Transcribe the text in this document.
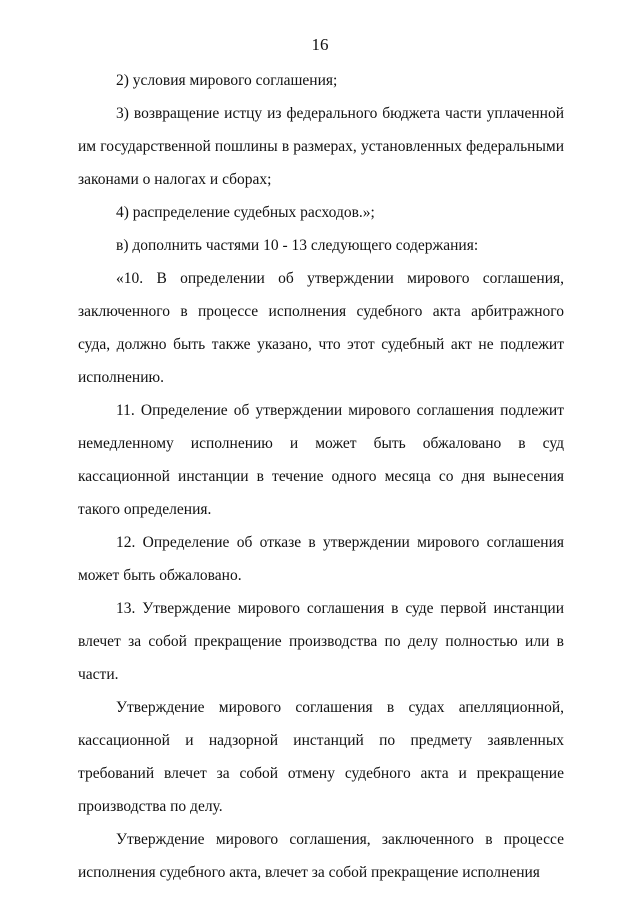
16

2) условия мирового соглашения;

3) возвращение истцу из федерального бюджета части уплаченной им государственной пошлины в размерах, установленных федеральными законами о налогах и сборах;

4) распределение судебных расходов.»;

в) дополнить частями 10 - 13 следующего содержания:

«10. В определении об утверждении мирового соглашения, заключенного в процессе исполнения судебного акта арбитражного суда, должно быть также указано, что этот судебный акт не подлежит исполнению.

11. Определение об утверждении мирового соглашения подлежит немедленному исполнению и может быть обжаловано в суд кассационной инстанции в течение одного месяца со дня вынесения такого определения.

12. Определение об отказе в утверждении мирового соглашения может быть обжаловано.

13. Утверждение мирового соглашения в суде первой инстанции влечет за собой прекращение производства по делу полностью или в части.

Утверждение мирового соглашения в судах апелляционной, кассационной и надзорной инстанций по предмету заявленных требований влечет за собой отмену судебного акта и прекращение производства по делу.

Утверждение мирового соглашения, заключенного в процессе исполнения судебного акта, влечет за собой прекращение исполнения
